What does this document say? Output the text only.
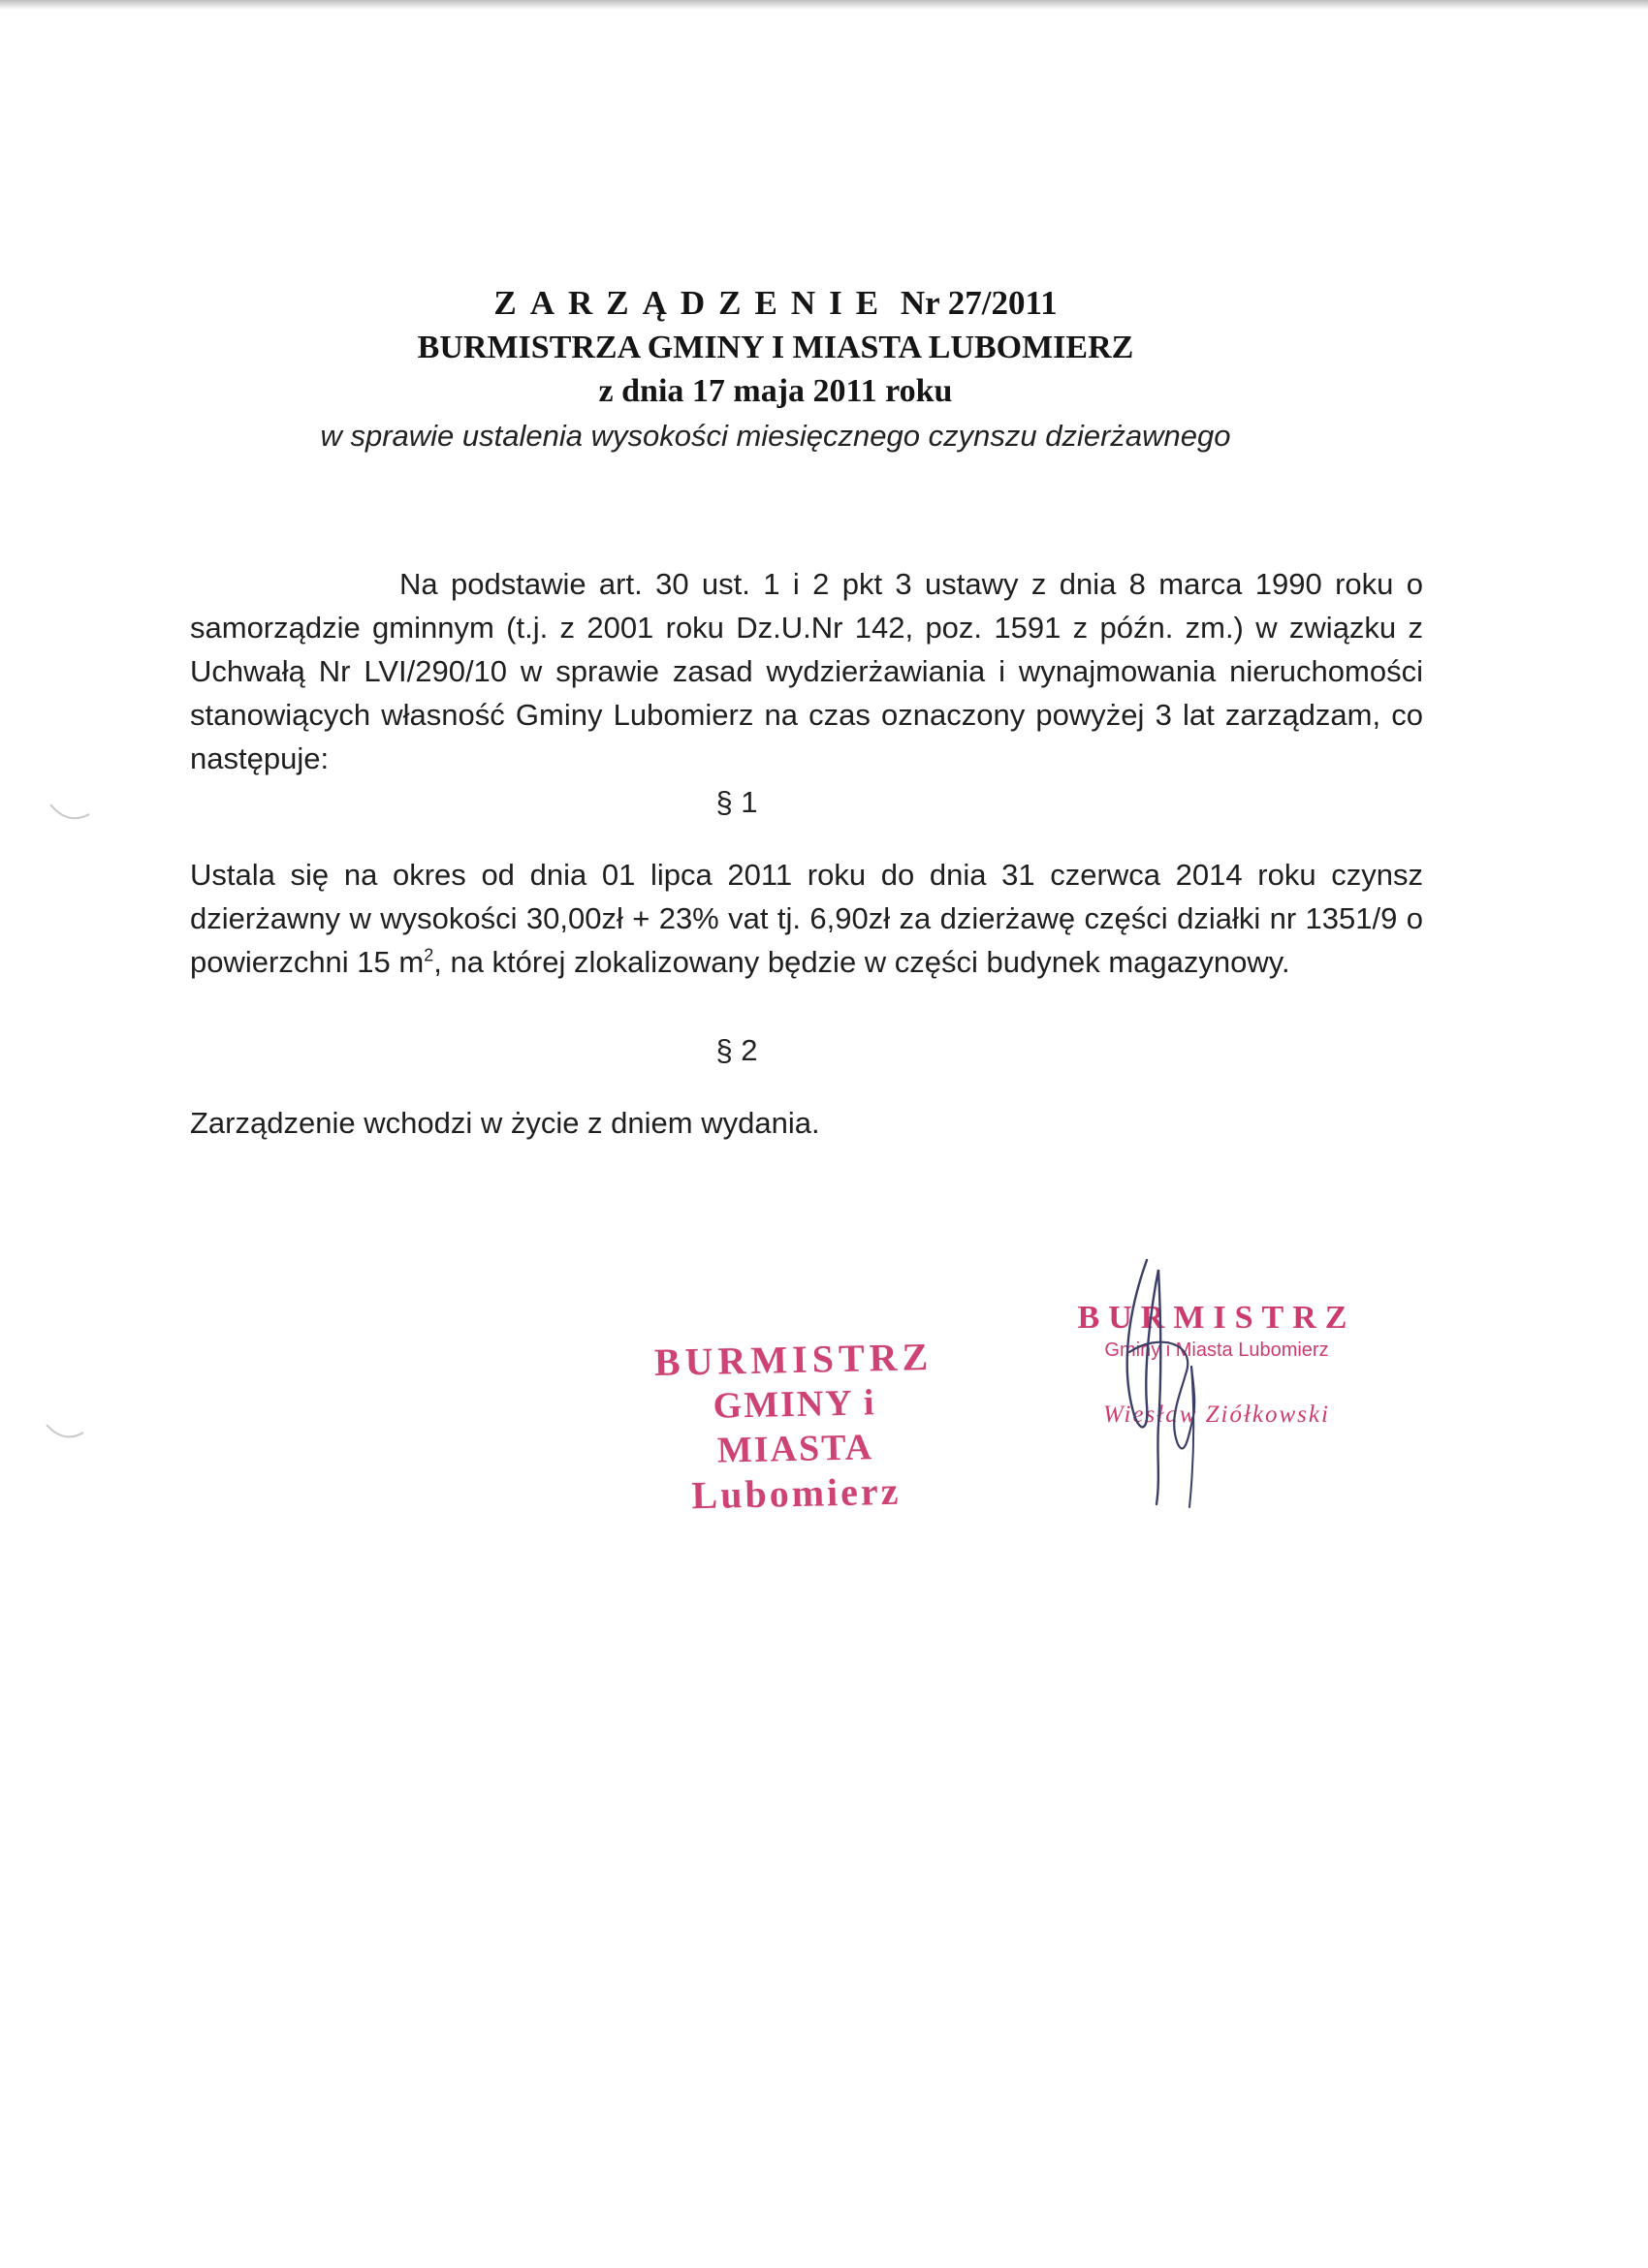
ZARZĄDZENIE Nr 27/2011
BURMISTRZA GMINY I MIASTA LUBOMIERZ
z dnia 17 maja 2011 roku
w sprawie ustalenia wysokości miesięcznego czynszu dzierżawnego
Na podstawie art. 30 ust. 1 i 2 pkt 3 ustawy z dnia 8 marca 1990 roku o samorządzie gminnym (t.j. z 2001 roku Dz.U.Nr 142, poz. 1591 z późn. zm.) w związku z Uchwałą Nr LVI/290/10 w sprawie zasad wydzierżawiania i wynajmowania nieruchomości stanowiących własność Gminy Lubomierz na czas oznaczony powyżej 3 lat zarządzam, co następuje:
§ 1
Ustala się na okres od dnia 01 lipca 2011 roku do dnia 31 czerwca 2014 roku czynsz dzierżawny w wysokości 30,00zł + 23% vat tj. 6,90zł za dzierżawę części działki nr 1351/9 o powierzchni 15 $m^2$, na której zlokalizowany będzie w części budynek magazynowy.
§ 2
Zarządzenie wchodzi w życie z dniem wydania.
BURMISTRZ
GMINY i MIASTA
Lubomierz
BURMISTRZ
Gminy i Miasta Lubomierz
Wiesław Ziółkowski
